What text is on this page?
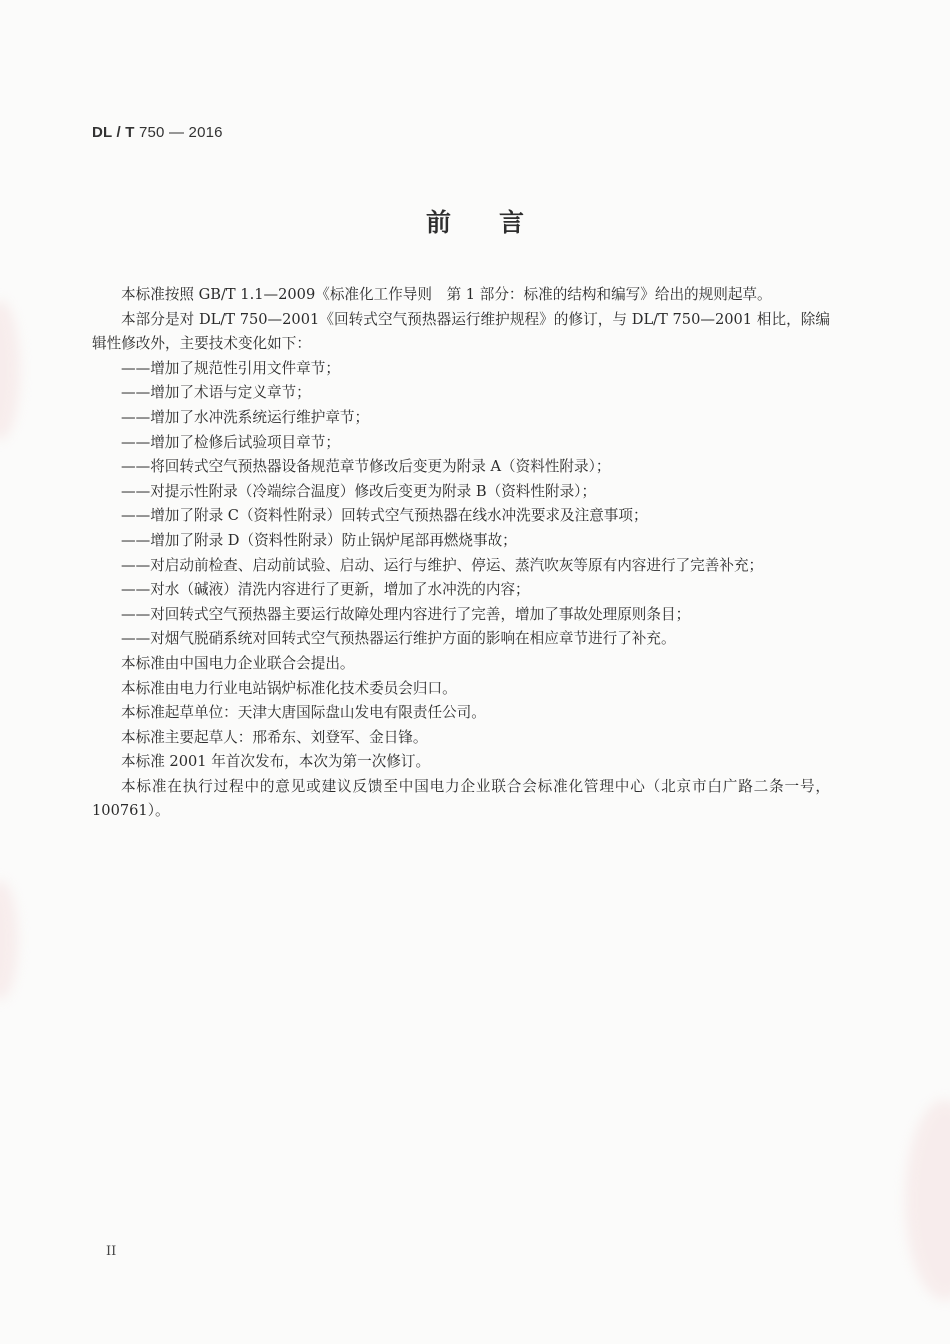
DL / T 750 — 2016
前言

本标准按照 GB/T 1.1—2009《标准化工作导则　第 1 部分：标准的结构和编写》给出的规则起草。

本部分是对 DL/T 750—2001《回转式空气预热器运行维护规程》的修订，与 DL/T 750—2001 相比，除编辑性修改外，主要技术变化如下：

——增加了规范性引用文件章节；

——增加了术语与定义章节；

——增加了水冲洗系统运行维护章节；

——增加了检修后试验项目章节；

——将回转式空气预热器设备规范章节修改后变更为附录 A（资料性附录）；

——对提示性附录（冷端综合温度）修改后变更为附录 B（资料性附录）；

——增加了附录 C（资料性附录）回转式空气预热器在线水冲洗要求及注意事项；

——增加了附录 D（资料性附录）防止锅炉尾部再燃烧事故；

——对启动前检查、启动前试验、启动、运行与维护、停运、蒸汽吹灰等原有内容进行了完善补充；

——对水（碱液）清洗内容进行了更新，增加了水冲洗的内容；

——对回转式空气预热器主要运行故障处理内容进行了完善，增加了事故处理原则条目；

——对烟气脱硝系统对回转式空气预热器运行维护方面的影响在相应章节进行了补充。

本标准由中国电力企业联合会提出。

本标准由电力行业电站锅炉标准化技术委员会归口。

本标准起草单位：天津大唐国际盘山发电有限责任公司。

本标准主要起草人：邢希东、刘登军、金日锋。

本标准 2001 年首次发布，本次为第一次修订。

本标准在执行过程中的意见或建议反馈至中国电力企业联合会标准化管理中心（北京市白广路二条一号，100761）。

II
